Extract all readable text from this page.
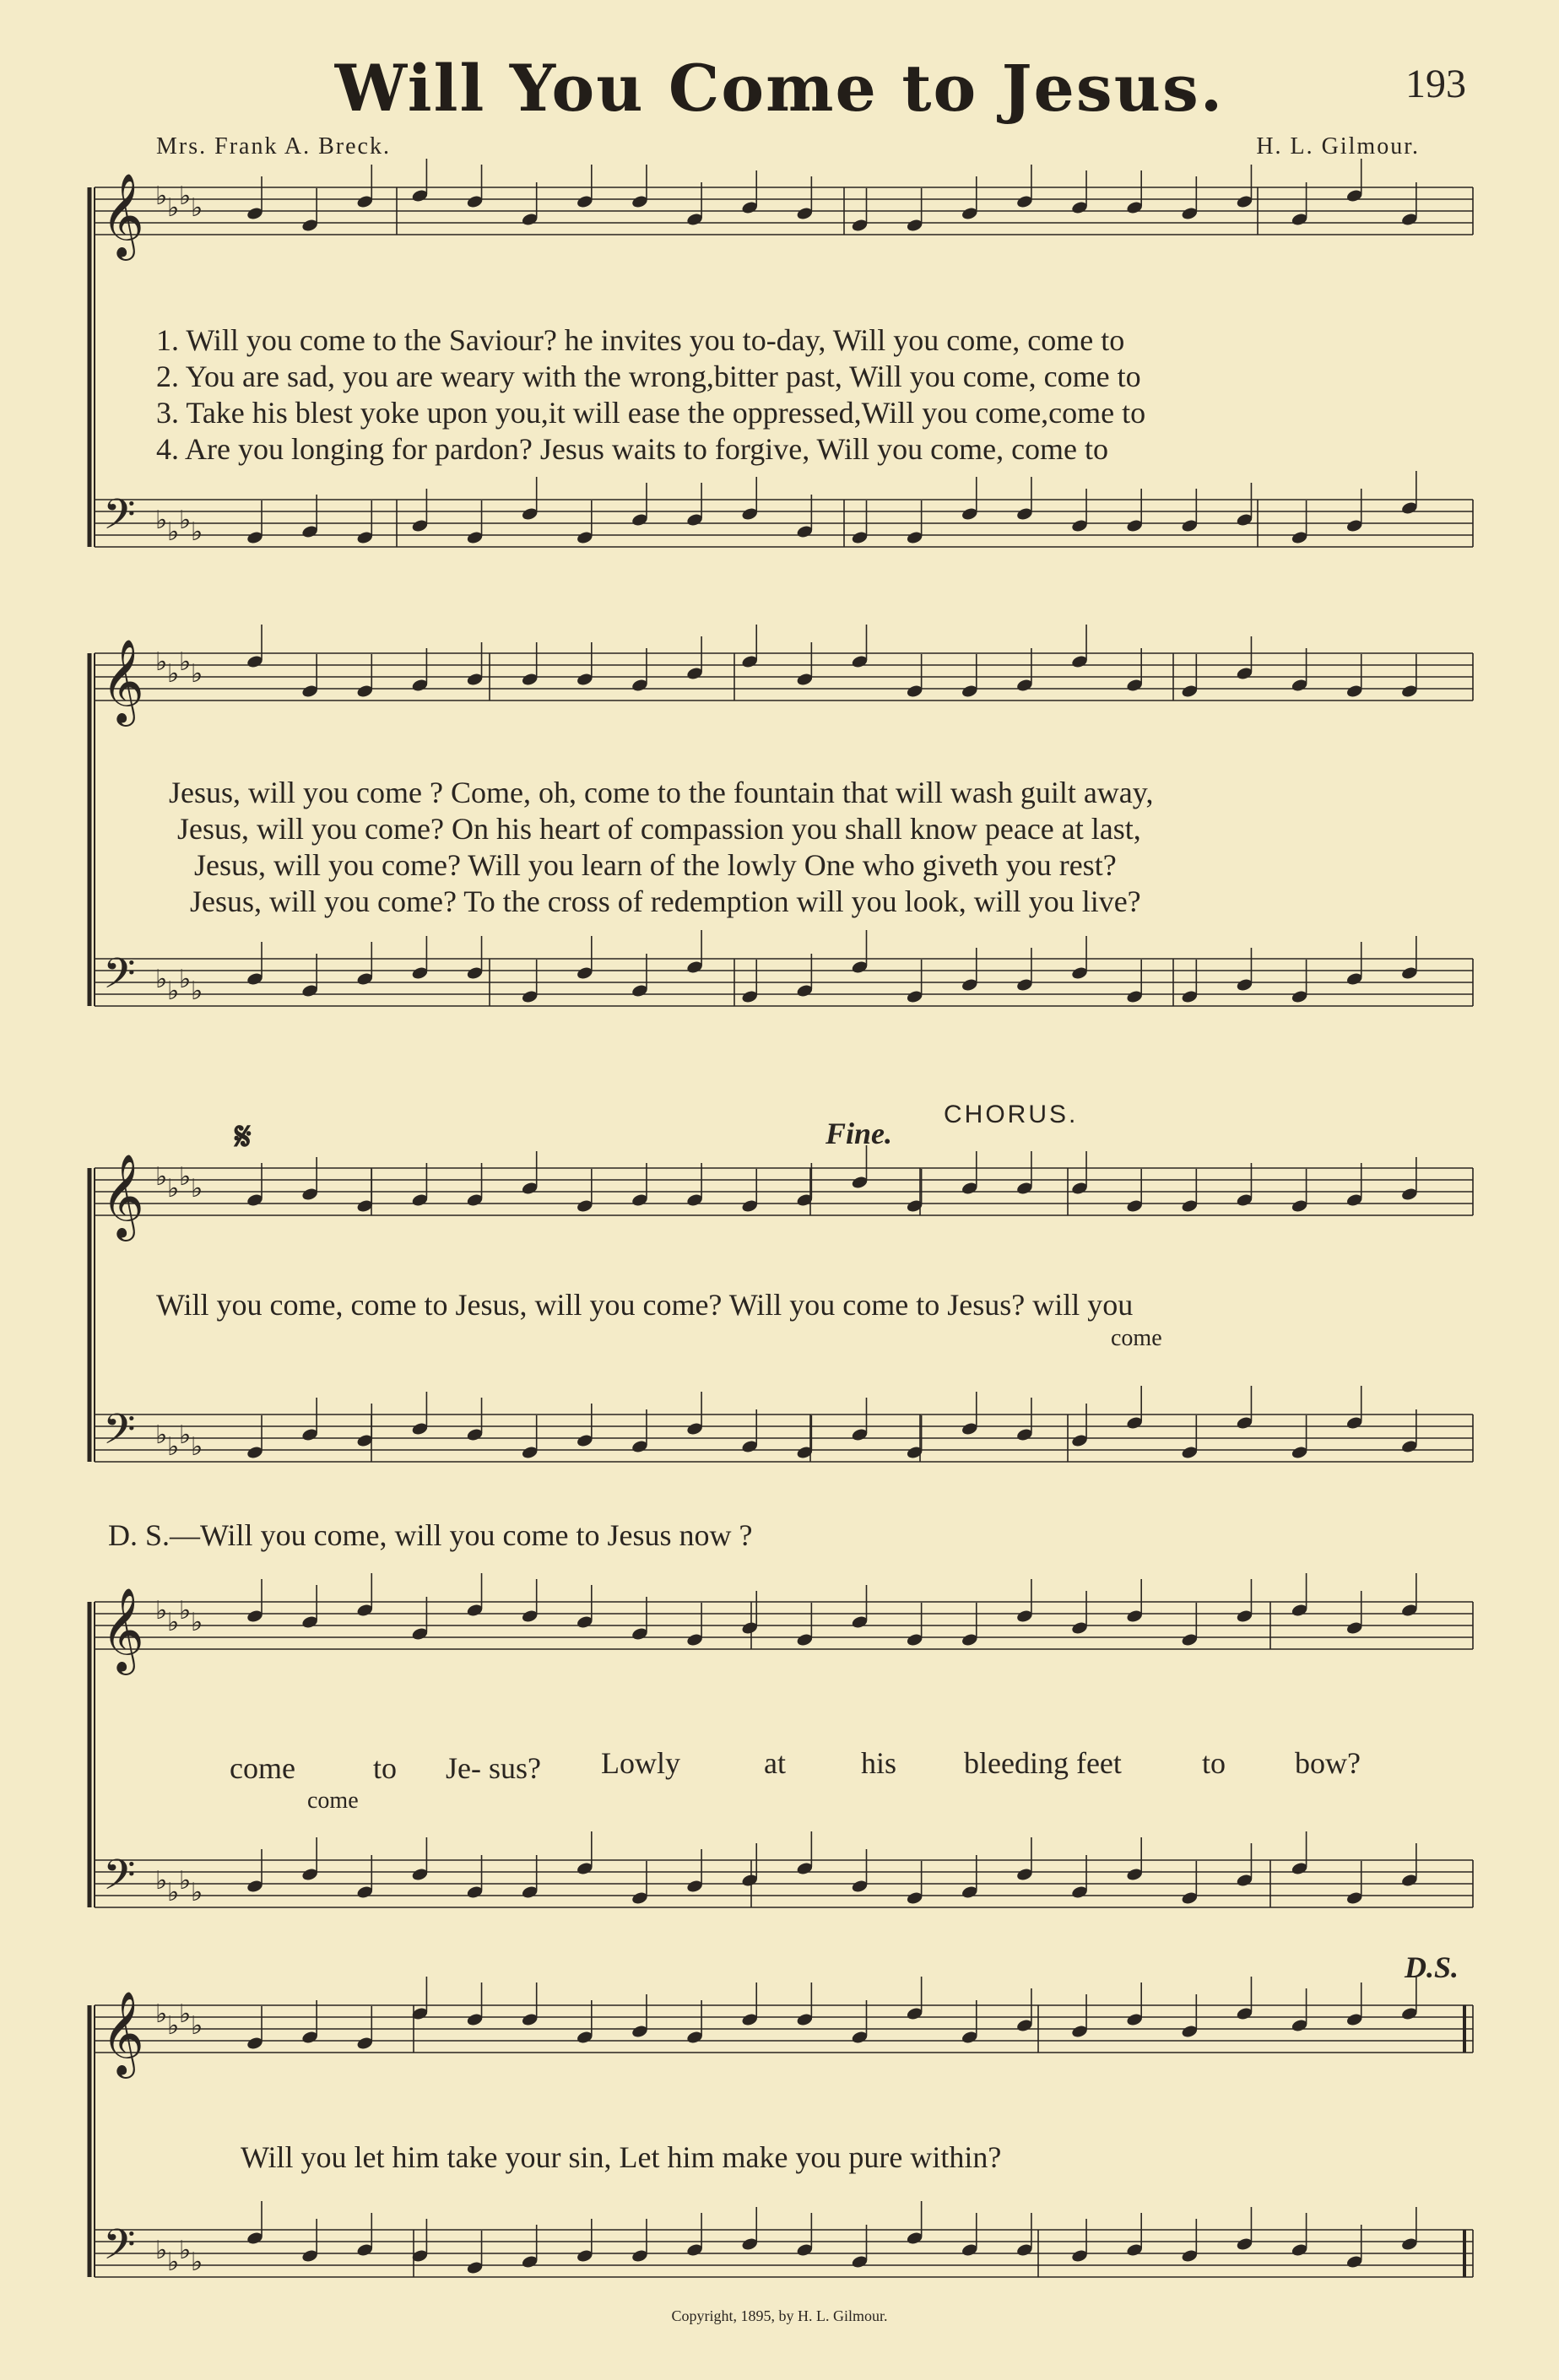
Will You Come to Jesus.	193
Mrs. Frank A. Breck.	H. L. Gilmour.
𝄞
𝄢
♭
♭
♭
♭
♭
♭
♭
♭
𝄞
𝄢
♭
♭
♭
♭
♭
♭
♭
♭
𝄞
𝄢
♭
♭
♭
♭
♭
♭
♭
♭
𝄞
𝄢
♭
♭
♭
♭
♭
♭
♭
♭
𝄞
𝄢
♭
♭
♭
♭
♭
♭
♭
♭
1. Will you come to the Saviour? he invites you to-day, Will you come, come to
2. You are sad, you are weary with the wrong,bitter past, Will you come, come to
3. Take his blest yoke upon you,it will ease the oppressed,Will you come,come to
4. Are you longing for pardon? Jesus waits to forgive, Will you come, come to
Jesus, will you come ? Come, oh, come to the fountain that will wash guilt away,
Jesus, will you come? On his heart of compassion you shall know peace at last,
Jesus, will you come? Will you learn of the lowly One who giveth you rest?
Jesus, will you come? To the cross of redemption will you look, will you live?
𝄋	Fine.
CHORUS.
Will you come, come to Jesus, will you come? Will you come to Jesus? will you
come
D. S.—Will you come, will you come to Jesus now ?
come	to Je- sus? Lowly	at his bleeding feet	to bow?
come
D.S.
Will you let him take your sin, Let him make you pure within?
Copyright, 1895, by H. L. Gilmour.
